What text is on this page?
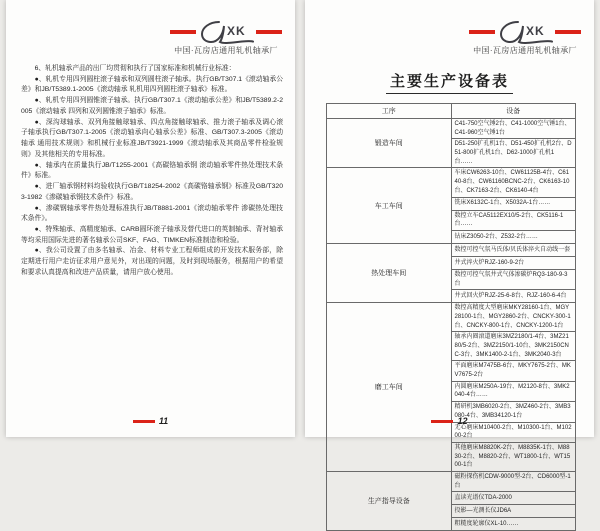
XK
中国·瓦房店通用轧机轴承厂

6、轧机轴承产品的出厂均贯彻和执行了国家标准和机械行业标准：

●、轧机专用四列圆柱滚子轴承和双列圆柱滚子轴承。执行GB/T307.1《滚动轴承公差》和JB/T5389.1-2005《滚动轴承 轧机用四列圆柱滚子轴承》标准。

●、轧机专用四列圆锥滚子轴承。执行GB/T307.1《滚动轴承公差》和JB/T5389.2-2005《滚动轴承 四列和双列圆锥滚子轴承》标准。

●、深沟球轴承、双列角接触球轴承、四点角接触球轴承、推力滚子轴承及调心滚子轴承执行GB/T307.1-2005《滚动轴承向心轴承公差》标准、GB/T307.3-2005《滚动轴承 通用技术规则》和机械行业标准JB/T3921-1999《滚动轴承及其商品零件检验规则》及其他相关的专用标准。

●、轴承内在质量执行JB/T1255-2001《高碳铬轴承钢 滚动轴承零件热处理技术条件》标准。

●、进厂轴承钢材料均验收执行GB/T18254-2002《高碳铬轴承钢》标准及GB/T3203-1982《渗碳轴承钢技术条件》标准。

●、渗碳钢轴承零件热处理标准执行JB/T8881-2001《滚动轴承零件 渗碳热处理技术条件》。

●、特殊轴承、高精度轴承、CARB圆环滚子轴承及替代进口的英制轴承、背衬轴承等均采用国际先进的著名轴承公司SKF、FAG、TIMKEN标准制造和检验。

●、我公司设置了由多名轴承、冶金、材料专业工程师组成的开发技术服务部，除定期进行用户走访征求用户意见外，对出现的问题，及时到现场服务，根据用户的希望和要求认真提高和改进产品质量，请用户放心使用。

11
XK
中国·瓦房店通用轧机轴承厂
主要生产设备表
工序	设备
锻造车间	C41-750空气锤2台、C41-1000空气锤1台、C41-960空气锤1台
	D51-250扩孔机1台、D51-450扩孔机2台、D51-800扩孔机1台、D62-1000扩孔机1台……
车工车间	车床CW6263-10台、CW61125B-4台、C6140-8台、CW61160BCNC-2台、CK6163-10台、CK7163-2台、CK6140-4台
	铣床X6132C-1台、X5032A-1台……
	数控立车CA5112EX10/5-2台、CK5116-1台……
	钻床Z3050-2台、Z532-2台……
热处理车间	数控可控气氛马氏体/贝氏体淬火自动线一套
	井式淬火炉RJZ-160-9-2台
	数控可控气氛井式气体渗碳炉RQ3-180-9-3台
	井式回火炉RJZ-25-6-8台、RJZ-160-6-4台
磨工车间	数控高精度大型磨床MKY28160-1台、MGY28100-1台、MGY2860-2台、CNCKY-300-1台、CNCKY-800-1台、CNCKY-1200-1台
	轴承内圈滚道磨床3MZ2180/1-4台、3MZ2180/5-2台、3MZ2150/1-10台、3MK2150CNC-3台、3MK1400-2-1台、3MK2040-3台
	平面磨床M7475B-6台、MKY7675-2台、MKV7675-2台
	内圆磨床M250A-19台、M2120-8台、3MK2040-4台……
	精研机3MB6020-2台、3MZ460-2台、3MB3080-4台、3MB34120-1台
	无心磨床M10400-2台、M10300-1台、M10200-2台
	其他磨床M8820K-2台、M8835K-1台、M8830-2台、M8820-2台、WT1800-1台、WT1500-1台
生产指导设备	磁粉探伤机CDW-9000型-2台、CD6000型-1台
	直读光谱仪TDA-2000
	投影—光测长仪JD6A
	粗糙度轮廓仪XL-10……
12
